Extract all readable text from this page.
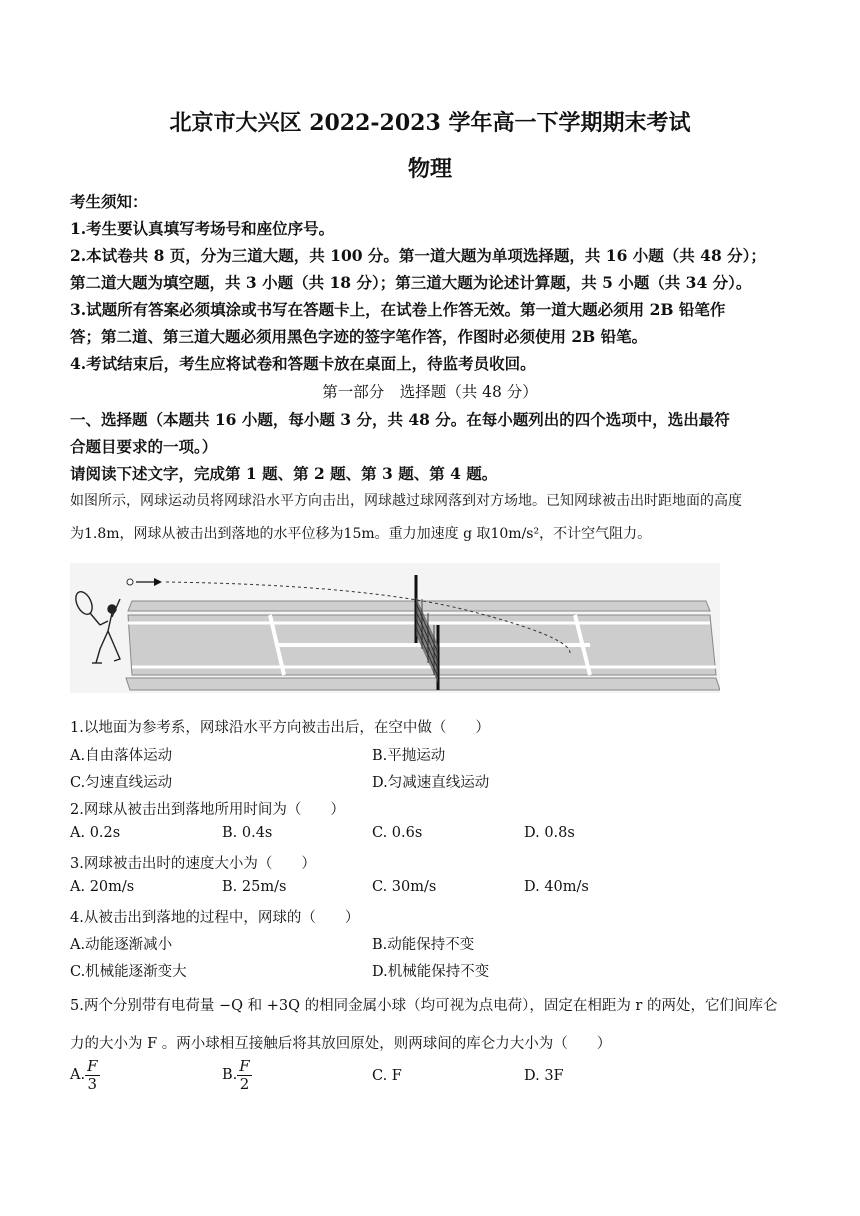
北京市大兴区 2022-2023 学年高一下学期期末考试
物理
考生须知：
1.考生要认真填写考场号和座位序号。
2.本试卷共 8 页，分为三道大题，共 100 分。第一道大题为单项选择题，共 16 小题（共 48 分）；
第二道大题为填空题，共 3 小题（共 18 分）；第三道大题为论述计算题，共 5 小题（共 34 分）。
3.试题所有答案必须填涂或书写在答题卡上，在试卷上作答无效。第一道大题必须用 2B 铅笔作
答；第二道、第三道大题必须用黑色字迹的签字笔作答，作图时必须使用 2B 铅笔。
4.考试结束后，考生应将试卷和答题卡放在桌面上，待监考员收回。
第一部分　选择题（共 48 分）
一、选择题（本题共 16 小题，每小题 3 分，共 48 分。在每小题列出的四个选项中，选出最符
合题目要求的一项。）
请阅读下述文字，完成第 1 题、第 2 题、第 3 题、第 4 题。
如图所示，网球运动员将网球沿水平方向击出，网球越过球网落到对方场地。已知网球被击出时距地面的高度
为1.8m，网球从被击出到落地的水平位移为15m。重力加速度 g 取10m/s²，不计空气阻力。
1.以地面为参考系，网球沿水平方向被击出后，在空中做（　　）
A.自由落体运动	B.平抛运动
C.匀速直线运动	D.匀减速直线运动
2.网球从被击出到落地所用时间为（　　）
A. 0.2s	B. 0.4s	C. 0.6s	D. 0.8s
3.网球被击出时的速度大小为（　　）
A. 20m/s	B. 25m/s	C. 30m/s	D. 40m/s
4.从被击出到落地的过程中，网球的（　　）
A.动能逐渐减小	B.动能保持不变
C.机械能逐渐变大	D.机械能保持不变
5.两个分别带有电荷量 −Q 和 +3Q 的相同金属小球（均可视为点电荷），固定在相距为 r 的两处，它们间库仑
力的大小为 F 。两小球相互接触后将其放回原处，则两球间的库仑力大小为（　　）
A. $\frac{F}{3}$	B. $\frac{F}{2}$	C. F	D. 3F
